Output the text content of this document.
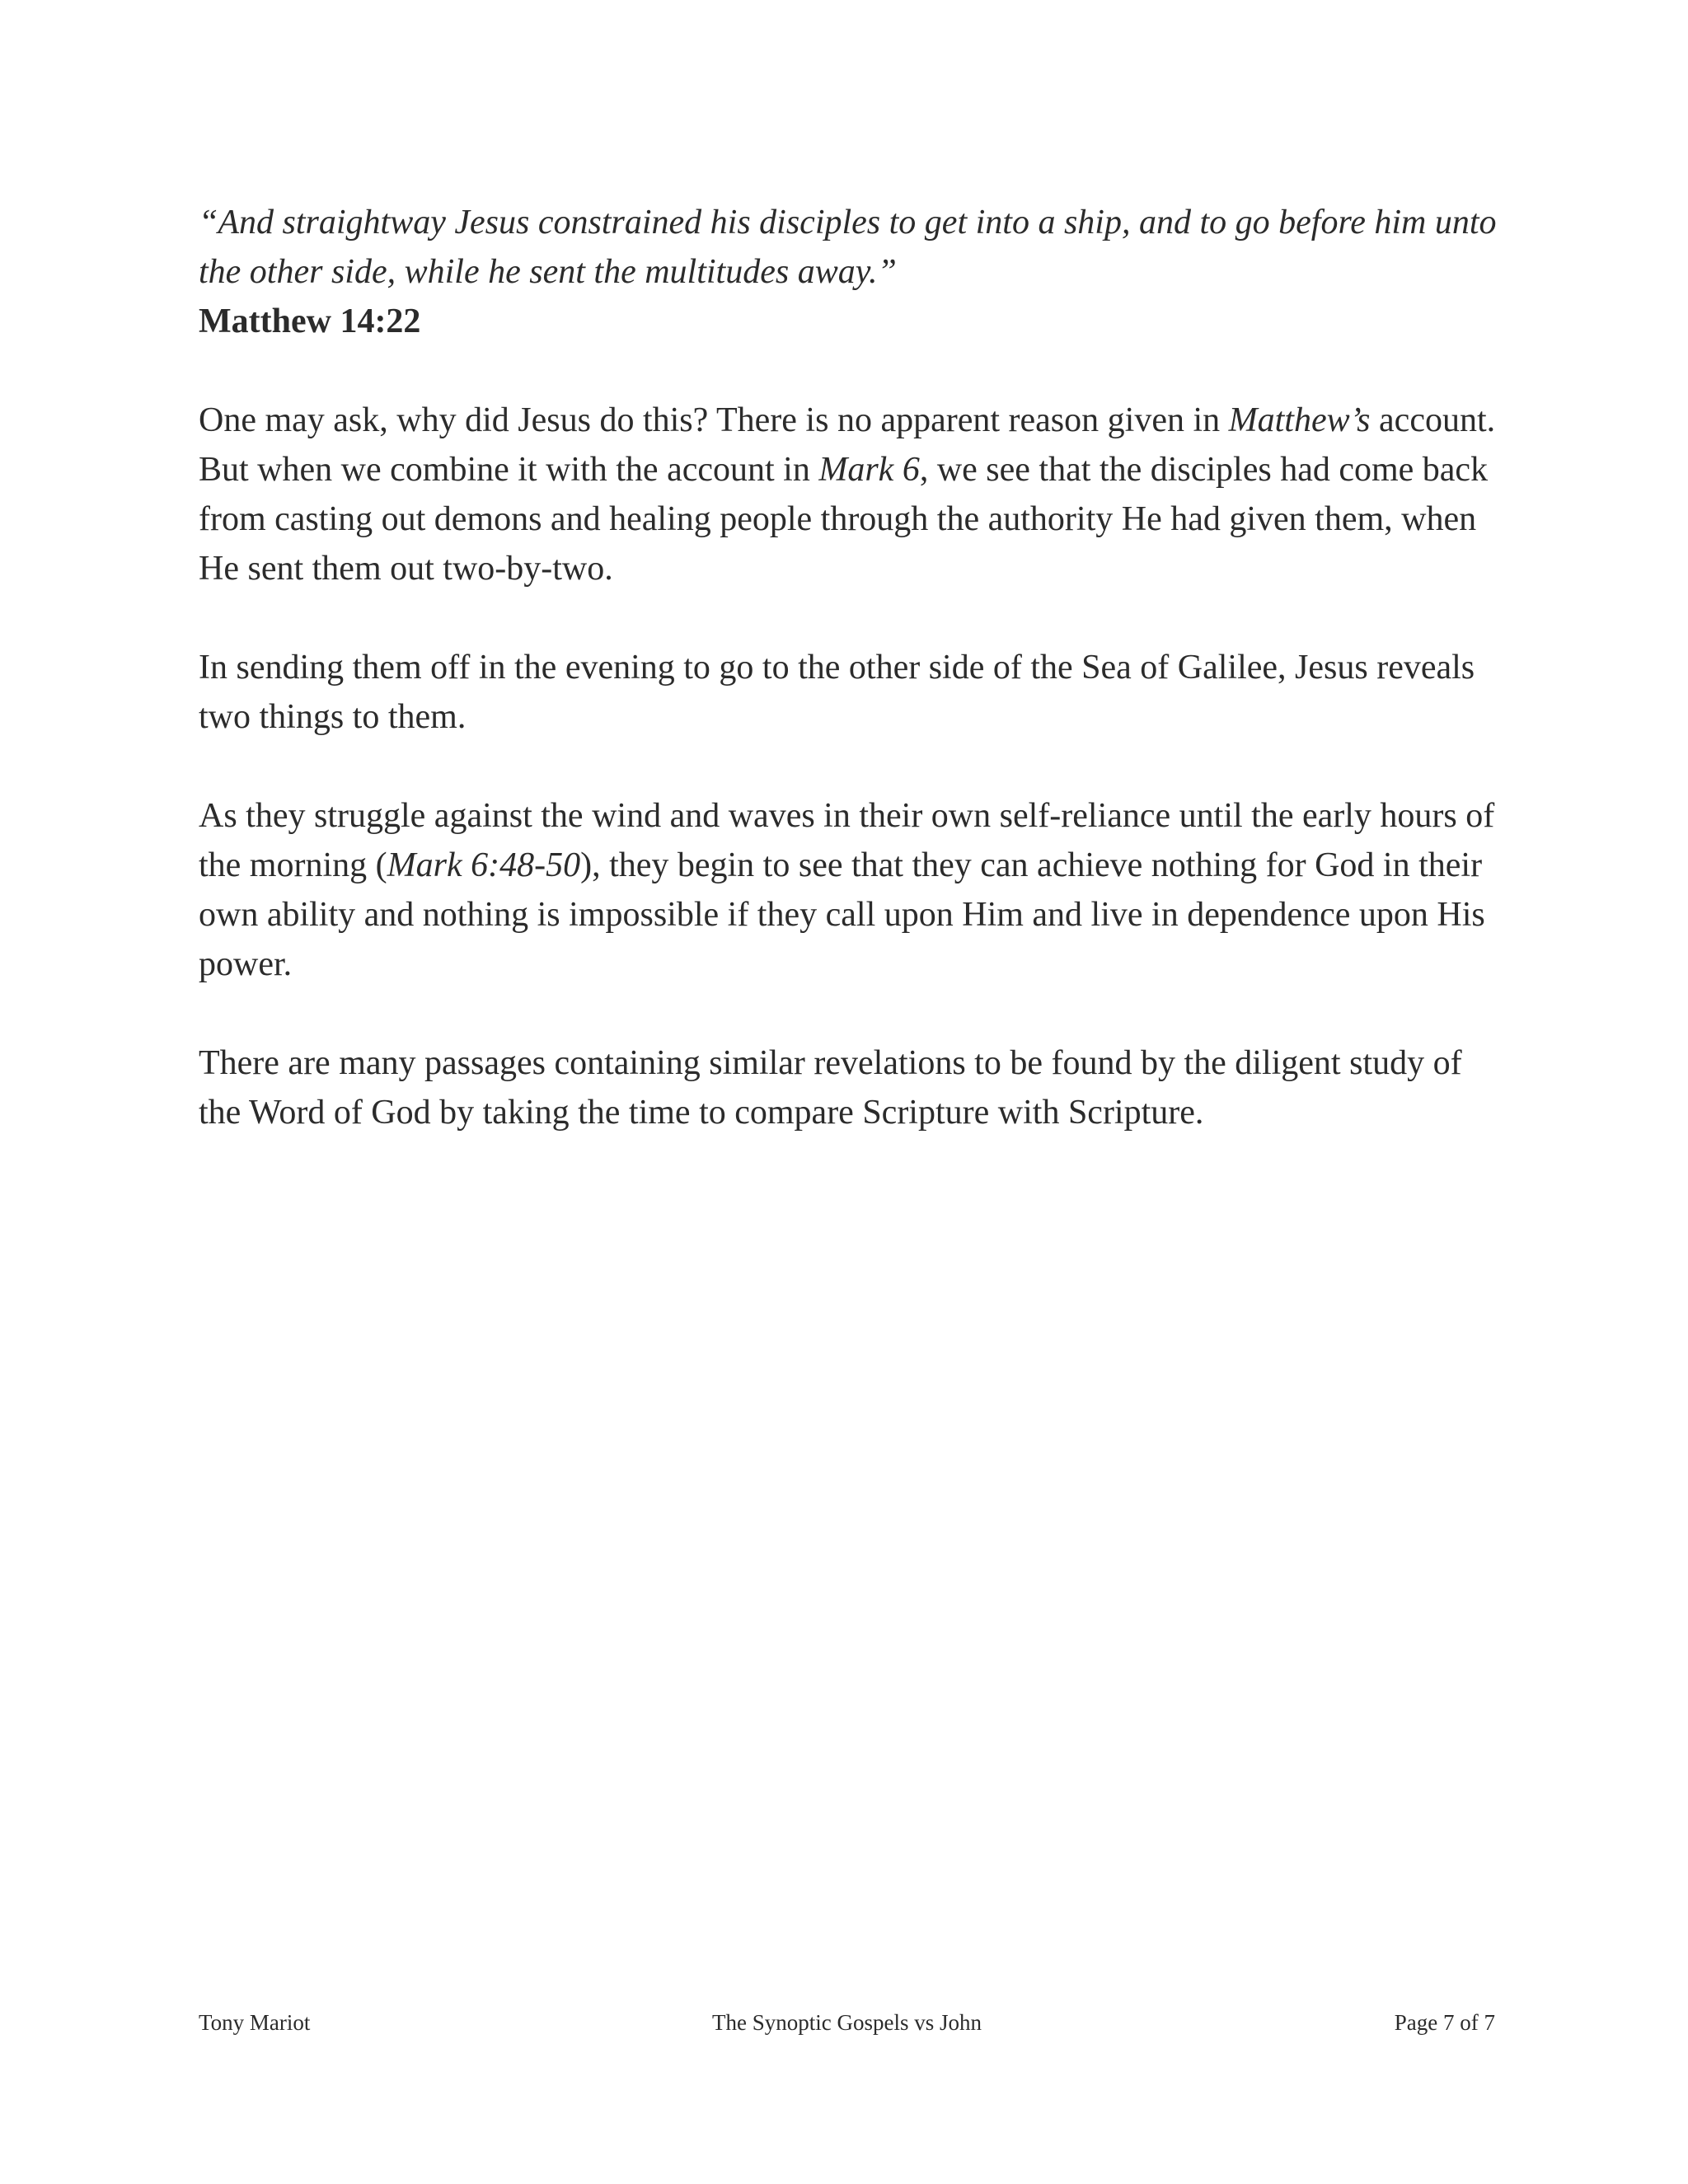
“And straightway Jesus constrained his disciples to get into a ship, and to go before him unto the other side, while he sent the multitudes away.”

Matthew 14:22

One may ask, why did Jesus do this? There is no apparent reason given in Matthew’s account. But when we combine it with the account in Mark 6, we see that the disciples had come back from casting out demons and healing people through the authority He had given them, when He sent them out two-by-two.

In sending them off in the evening to go to the other side of the Sea of Galilee, Jesus reveals two things to them.

As they struggle against the wind and waves in their own self-reliance until the early hours of the morning (Mark 6:48-50), they begin to see that they can achieve nothing for God in their own ability and nothing is impossible if they call upon Him and live in dependence upon His power.

There are many passages containing similar revelations to be found by the diligent study of the Word of God by taking the time to compare Scripture with Scripture.

Tony Mariot	The Synoptic Gospels vs John	Page 7 of 7
